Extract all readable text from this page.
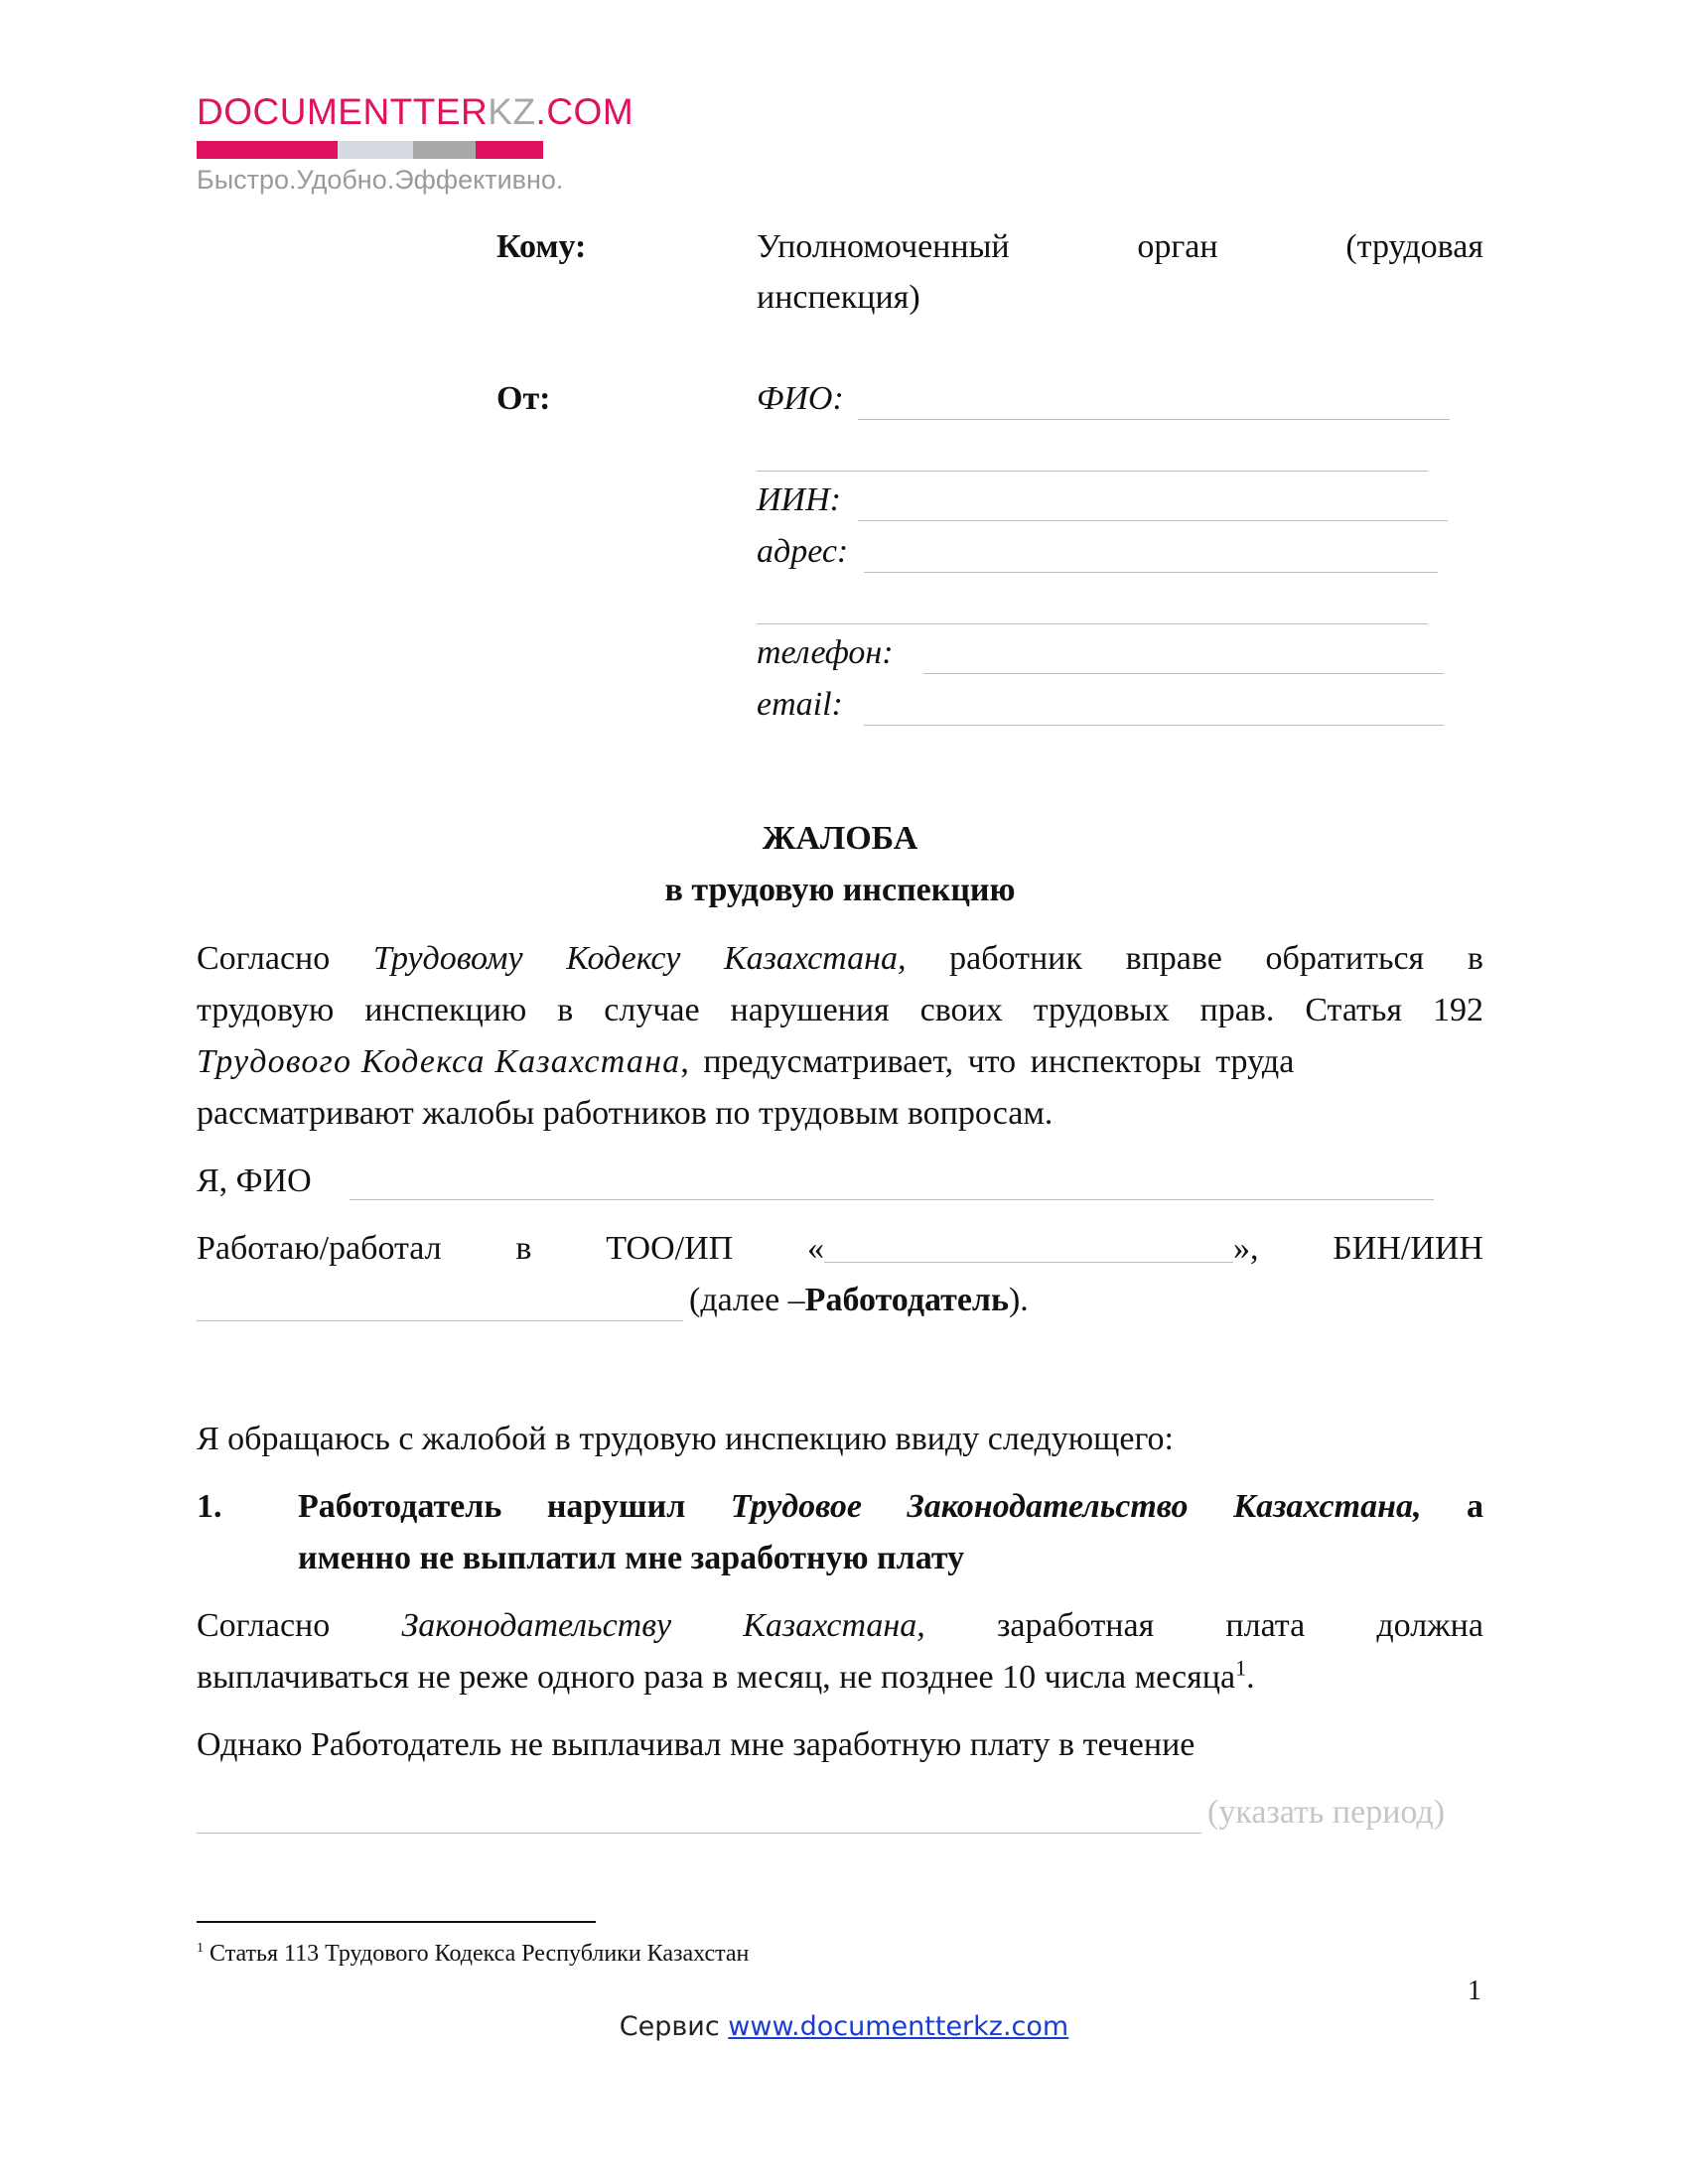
DOCUMENTTERKZ.COM
Быстро.Удобно.Эффективно.
Кому:	Уполномоченный	орган	(трудовая
инспекция)
От:	ФИО:
ИИН:
адрес:
телефон:
email:
ЖАЛОБА
в трудовую инспекцию
Согласно Трудовому Кодексу Казахстана, работник вправе обратиться в
трудовую инспекцию в случае нарушения своих трудовых прав. Статья 192
Трудового Кодекса Казахстана, предусматривает, что инспекторы труда
рассматривают жалобы работников по трудовым вопросам.
Я, ФИО
Работаю/работал в ТОО/ИП «	», БИН/ИИН
(далее –Работодатель).
Я обращаюсь с жалобой в трудовую инспекцию ввиду следующего:
1. Работодатель нарушил Трудовое Законодательство Казахстана, а
именно не выплатил мне заработную плату
Согласно Законодательству Казахстана, заработная плата должна
выплачиваться не реже одного раза в месяц, не позднее 10 числа месяца$^1$.
Однако Работодатель не выплачивал мне заработную плату в течение
(указать период)
$^1$ Статья 113 Трудового Кодекса Республики Казахстан
1
Сервис www.documentterkz.com
